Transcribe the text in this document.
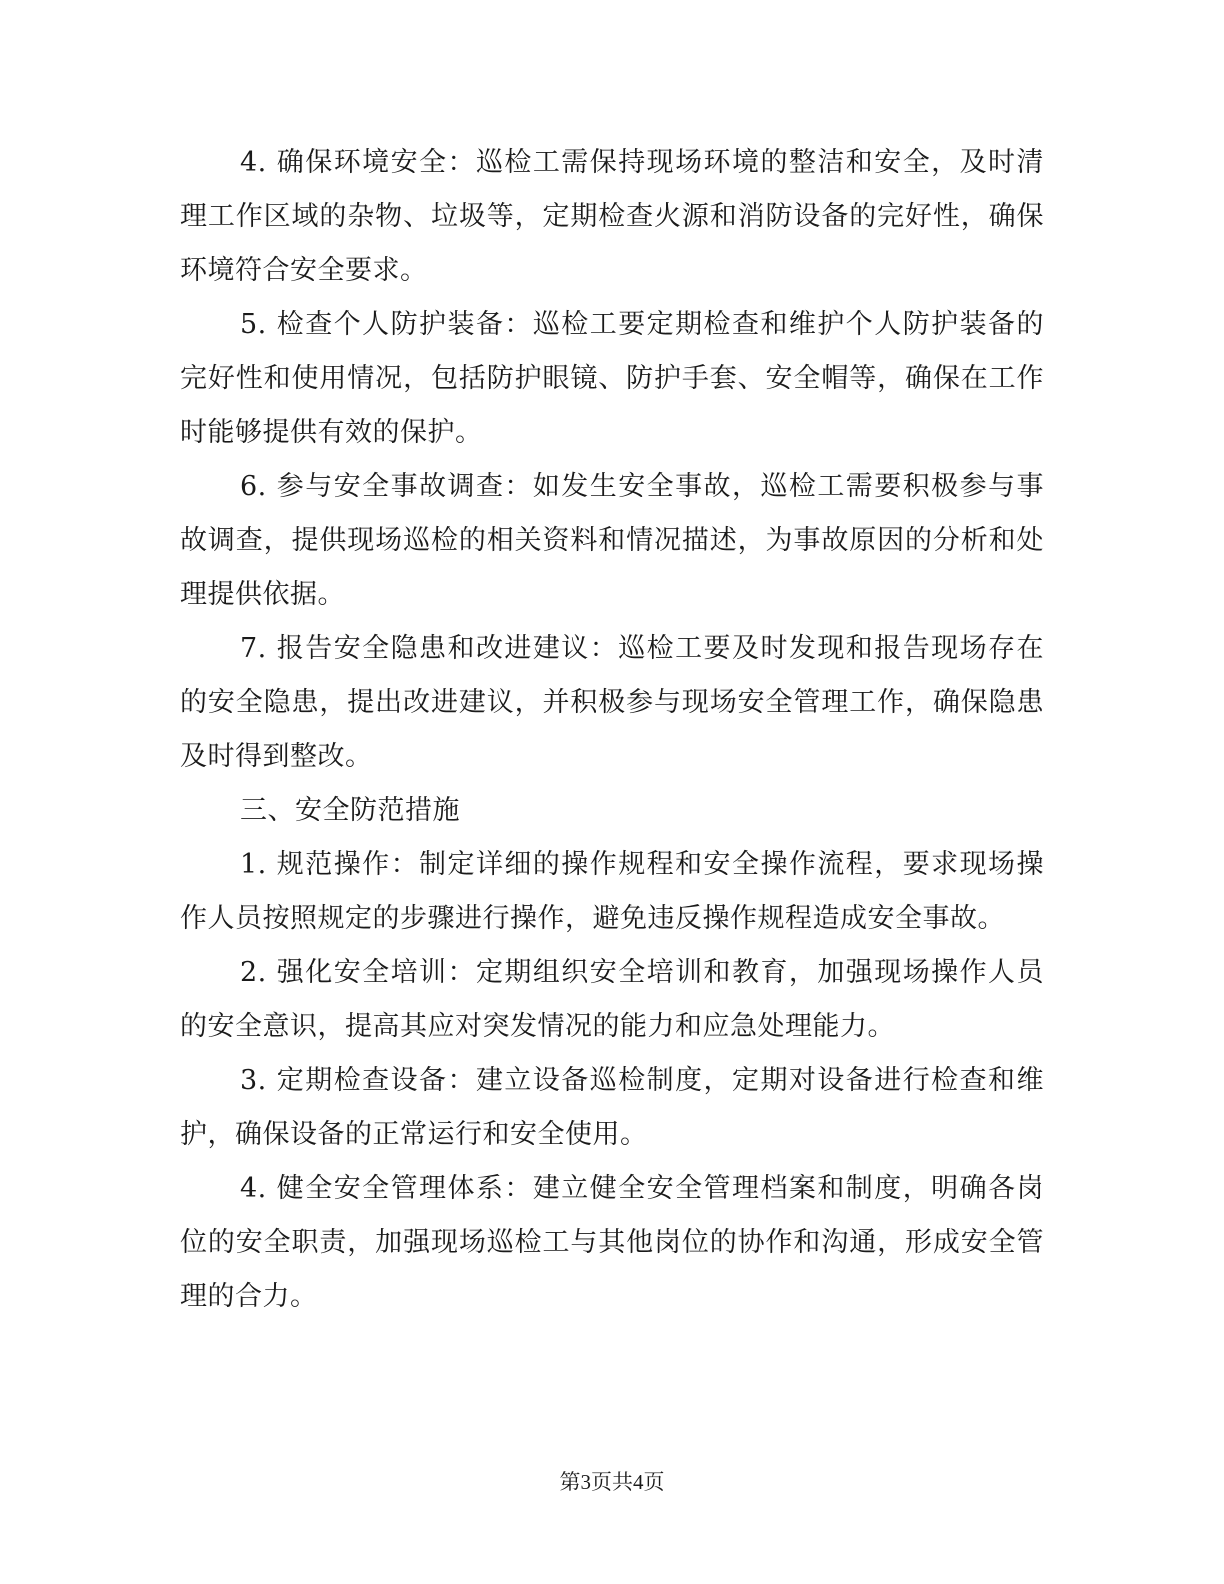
4. 确保环境安全：巡检工需保持现场环境的整洁和安全，及时清理工作区域的杂物、垃圾等，定期检查火源和消防设备的完好性，确保环境符合安全要求。

5. 检查个人防护装备：巡检工要定期检查和维护个人防护装备的完好性和使用情况，包括防护眼镜、防护手套、安全帽等，确保在工作时能够提供有效的保护。

6. 参与安全事故调查：如发生安全事故，巡检工需要积极参与事故调查，提供现场巡检的相关资料和情况描述，为事故原因的分析和处理提供依据。

7. 报告安全隐患和改进建议：巡检工要及时发现和报告现场存在的安全隐患，提出改进建议，并积极参与现场安全管理工作，确保隐患及时得到整改。

三、安全防范措施

1. 规范操作：制定详细的操作规程和安全操作流程，要求现场操作人员按照规定的步骤进行操作，避免违反操作规程造成安全事故。

2. 强化安全培训：定期组织安全培训和教育，加强现场操作人员的安全意识，提高其应对突发情况的能力和应急处理能力。

3. 定期检查设备：建立设备巡检制度，定期对设备进行检查和维护，确保设备的正常运行和安全使用。

4. 健全安全管理体系：建立健全安全管理档案和制度，明确各岗位的安全职责，加强现场巡检工与其他岗位的协作和沟通，形成安全管理的合力。

第3页共4页
